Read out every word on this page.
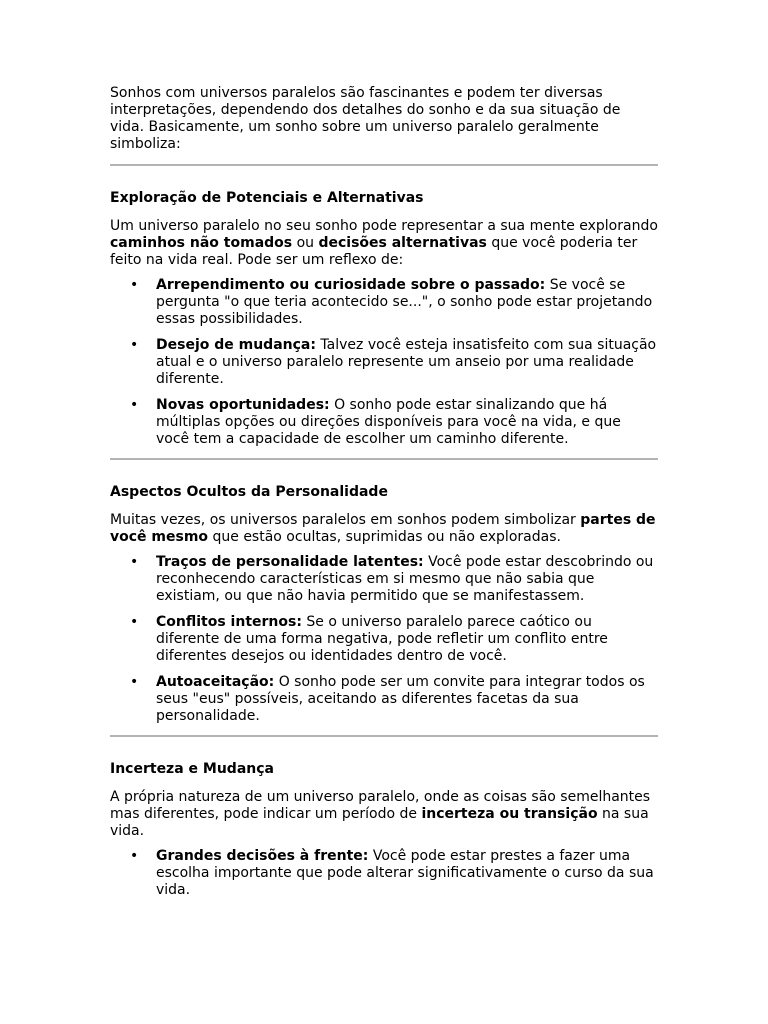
Sonhos com universos paralelos são fascinantes e podem ter diversas interpretações, dependendo dos detalhes do sonho e da sua situação de vida. Basicamente, um sonho sobre um universo paralelo geralmente simboliza:

Exploração de Potenciais e Alternativas

Um universo paralelo no seu sonho pode representar a sua mente explorando caminhos não tomados ou decisões alternativas que você poderia ter feito na vida real. Pode ser um reflexo de:

• Arrependimento ou curiosidade sobre o passado: Se você se pergunta "o que teria acontecido se...", o sonho pode estar projetando essas possibilidades.
• Desejo de mudança: Talvez você esteja insatisfeito com sua situação atual e o universo paralelo represente um anseio por uma realidade diferente.
• Novas oportunidades: O sonho pode estar sinalizando que há múltiplas opções ou direções disponíveis para você na vida, e que você tem a capacidade de escolher um caminho diferente.
Aspectos Ocultos da Personalidade

Muitas vezes, os universos paralelos em sonhos podem simbolizar partes de você mesmo que estão ocultas, suprimidas ou não exploradas.

• Traços de personalidade latentes: Você pode estar descobrindo ou reconhecendo características em si mesmo que não sabia que existiam, ou que não havia permitido que se manifestassem.
• Conflitos internos: Se o universo paralelo parece caótico ou diferente de uma forma negativa, pode refletir um conflito entre diferentes desejos ou identidades dentro de você.
• Autoaceitação: O sonho pode ser um convite para integrar todos os seus "eus" possíveis, aceitando as diferentes facetas da sua personalidade.
Incerteza e Mudança

A própria natureza de um universo paralelo, onde as coisas são semelhantes mas diferentes, pode indicar um período de incerteza ou transição na sua vida.

• Grandes decisões à frente: Você pode estar prestes a fazer uma escolha importante que pode alterar significativamente o curso da sua vida.
